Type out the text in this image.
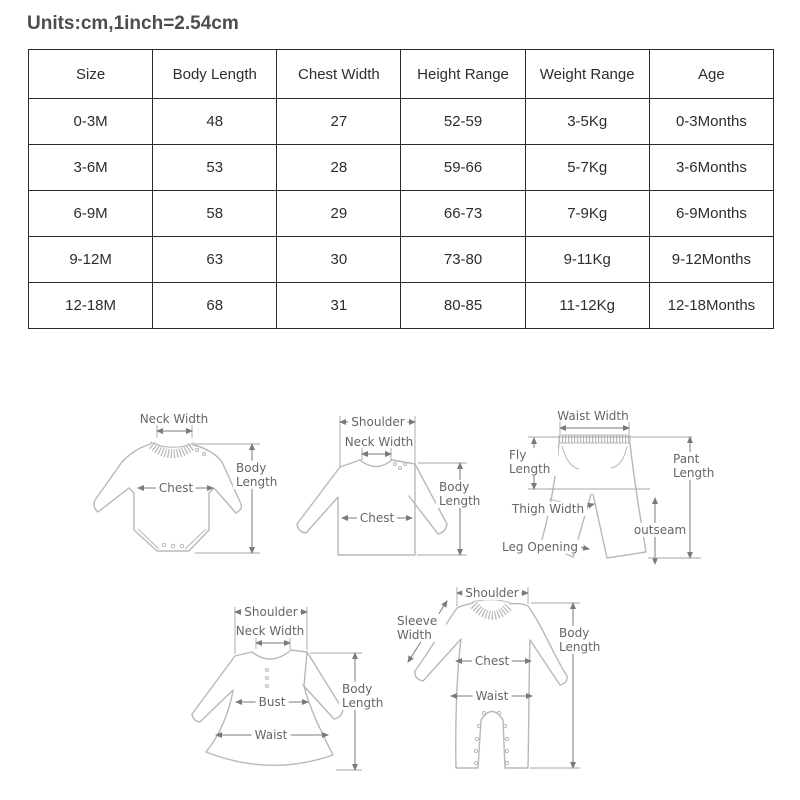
Units:cm,1inch=2.54cm
Size	Body Length	Chest Width	Height Range	Weight Range	Age
0-3M	48	27	52-59	3-5Kg	0-3Months
3-6M	53	28	59-66	5-7Kg	3-6Months
6-9M	58	29	66-73	7-9Kg	6-9Months
9-12M	63	30	73-80	9-11Kg	9-12Months
12-18M	68	31	80-85	11-12Kg	12-18Months
Neck Width
Chest
Body Length
Shoulder
Neck Width
Chest
Body Length
Waist Width
Fly Length
Thigh Width
outseam
Leg Opening
Pant Length
Shoulder
Neck Width
Bust
Waist
Body Length
Shoulder
Sleeve Width
Chest
Waist
Body Length
